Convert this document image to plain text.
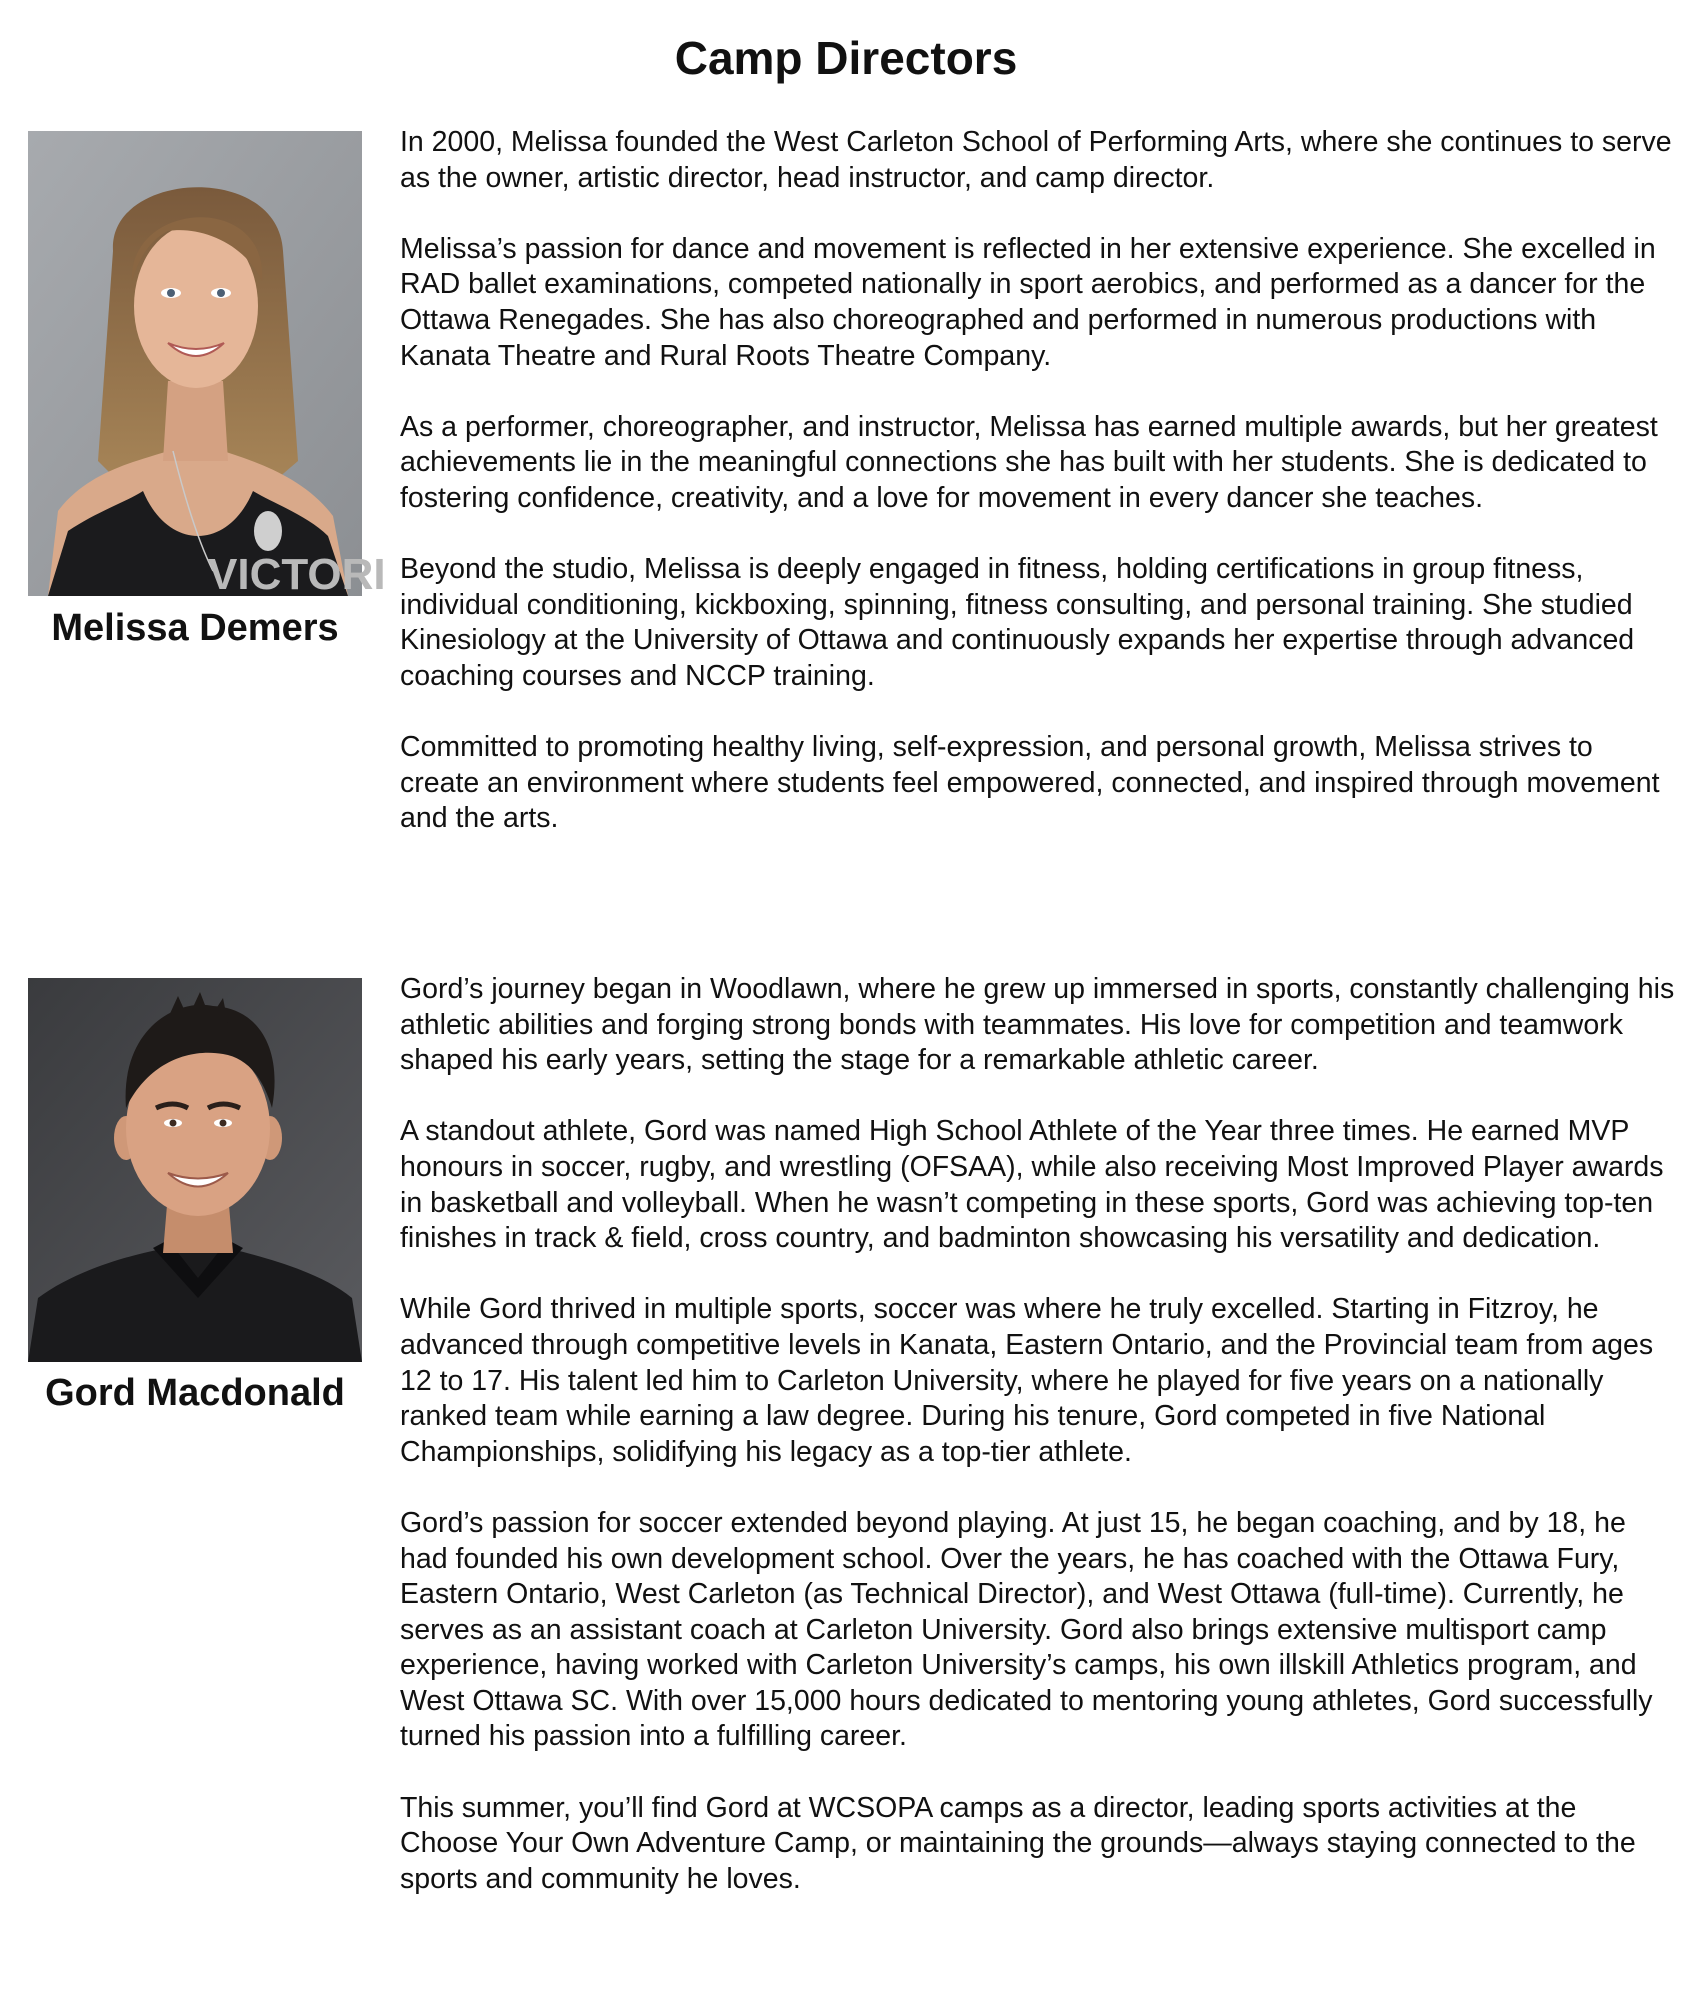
Camp Directors
VICTORI
Melissa Demers

In 2000, Melissa founded the West Carleton School of Performing Arts, where she continues to serve as the owner, artistic director, head instructor, and camp director.

Melissa’s passion for dance and movement is reflected in her extensive experience. She excelled in RAD ballet examinations, competed nationally in sport aerobics, and performed as a dancer for the Ottawa Renegades. She has also choreographed and performed in numerous productions with Kanata Theatre and Rural Roots Theatre Company.

As a performer, choreographer, and instructor, Melissa has earned multiple awards, but her greatest achievements lie in the meaningful connections she has built with her students. She is dedicated to fostering confidence, creativity, and a love for movement in every dancer she teaches.

Beyond the studio, Melissa is deeply engaged in fitness, holding certifications in group fitness, individual conditioning, kickboxing, spinning, fitness consulting, and personal training. She studied Kinesiology at the University of Ottawa and continuously expands her expertise through advanced coaching courses and NCCP training.

Committed to promoting healthy living, self-expression, and personal growth, Melissa strives to create an environment where students feel empowered, connected, and inspired through movement and the arts.

Gord Macdonald

Gord’s journey began in Woodlawn, where he grew up immersed in sports, constantly challenging his athletic abilities and forging strong bonds with teammates. His love for competition and teamwork shaped his early years, setting the stage for a remarkable athletic career.

A standout athlete, Gord was named High School Athlete of the Year three times. He earned MVP honours in soccer, rugby, and wrestling (OFSAA), while also receiving Most Improved Player awards in basketball and volleyball. When he wasn’t competing in these sports, Gord was achieving top-ten finishes in track & field, cross country, and badminton showcasing his versatility and dedication.

While Gord thrived in multiple sports, soccer was where he truly excelled. Starting in Fitzroy, he advanced through competitive levels in Kanata, Eastern Ontario, and the Provincial team from ages 12 to 17. His talent led him to Carleton University, where he played for five years on a nationally ranked team while earning a law degree. During his tenure, Gord competed in five National Championships, solidifying his legacy as a top-tier athlete.

Gord’s passion for soccer extended beyond playing. At just 15, he began coaching, and by 18, he had founded his own development school. Over the years, he has coached with the Ottawa Fury, Eastern Ontario, West Carleton (as Technical Director), and West Ottawa (full-time). Currently, he serves as an assistant coach at Carleton University. Gord also brings extensive multisport camp experience, having worked with Carleton University’s camps, his own illskill Athletics program, and West Ottawa SC. With over 15,000 hours dedicated to mentoring young athletes, Gord successfully turned his passion into a fulfilling career.

This summer, you’ll find Gord at WCSOPA camps as a director, leading sports activities at the Choose Your Own Adventure Camp, or maintaining the grounds—always staying connected to the sports and community he loves.
